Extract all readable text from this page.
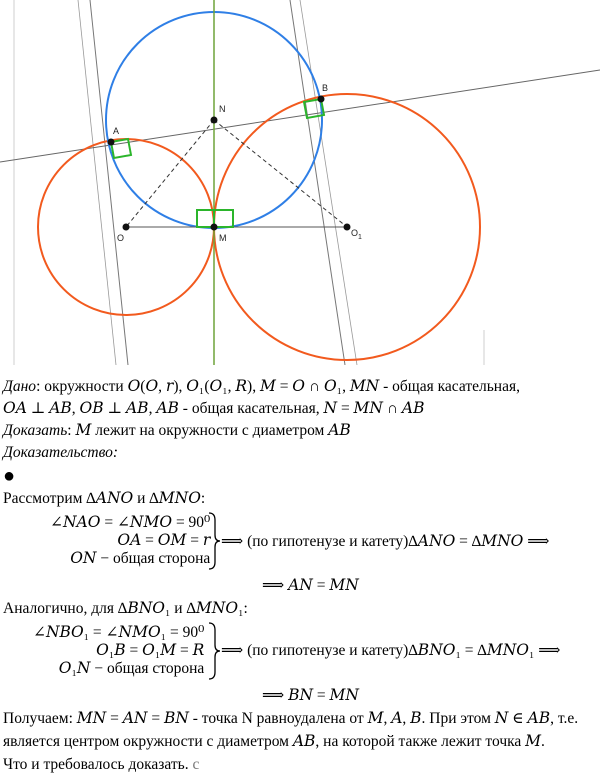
A
B
N
O	$O_1$
M
Дано: окружности 𝑂(𝑂, 𝑟), 𝑂₁(𝑂₁, 𝑅), 𝑀 = 𝑂 ∩ 𝑂₁, 𝑀𝑁 - общая касательная,
𝑂𝐴 ⊥ 𝐴𝐵, 𝑂𝐵 ⊥ 𝐴𝐵, 𝐴𝐵 - общая касательная, 𝑁 = 𝑀𝑁 ∩ 𝐴𝐵
Доказать: 𝑀 лежит на окружности с диаметром 𝐴𝐵
Доказательство:
●
Рассмотрим ∆𝐴𝑁𝑂 и ∆𝑀𝑁𝑂:
∠𝑁𝐴𝑂 = ∠𝑁𝑀𝑂 = 90⁰
𝑂𝐴 = 𝑂𝑀 = 𝑟
𝑂𝑁 − общая сторона
⟹ (по гипотенузе и катету)∆𝐴𝑁𝑂 = ∆𝑀𝑁𝑂 ⟹
⟹ 𝐴𝑁 = 𝑀𝑁
Аналогично, для ∆𝐵𝑁𝑂₁ и ∆𝑀𝑁𝑂₁:
∠𝑁𝐵𝑂₁ = ∠𝑁𝑀𝑂₁ = 90⁰
𝑂₁𝐵 = 𝑂₁𝑀 = 𝑅
𝑂₁𝑁 − общая сторона
⟹ (по гипотенузе и катету)∆𝐵𝑁𝑂₁ = ∆𝑀𝑁𝑂₁ ⟹
⟹ 𝐵𝑁 = 𝑀𝑁
Получаем: 𝑀𝑁 = 𝐴𝑁 = 𝐵𝑁 - точка N равноудалена от 𝑀, 𝐴, 𝐵. При этом 𝑁 ∈ 𝐴𝐵, т.е.
является центром окружности с диаметром 𝐴𝐵, на которой также лежит точка 𝑀.
Что и требовалось доказать. с
